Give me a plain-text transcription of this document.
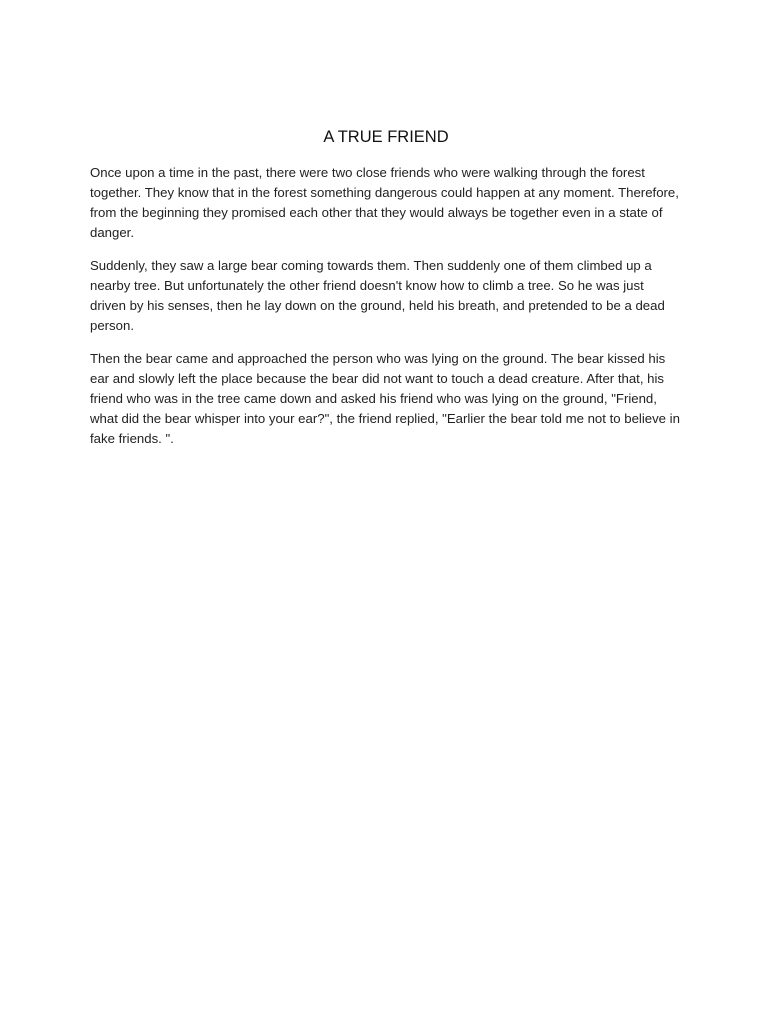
A TRUE FRIEND

Once upon a time in the past, there were two close friends who were walking through the forest together. They know that in the forest something dangerous could happen at any moment. Therefore, from the beginning they promised each other that they would always be together even in a state of danger.

Suddenly, they saw a large bear coming towards them. Then suddenly one of them climbed up a nearby tree. But unfortunately the other friend doesn't know how to climb a tree. So he was just driven by his senses, then he lay down on the ground, held his breath, and pretended to be a dead person.

Then the bear came and approached the person who was lying on the ground. The bear kissed his ear and slowly left the place because the bear did not want to touch a dead creature. After that, his friend who was in the tree came down and asked his friend who was lying on the ground, "Friend, what did the bear whisper into your ear?", the friend replied, "Earlier the bear told me not to believe in fake friends. ".
